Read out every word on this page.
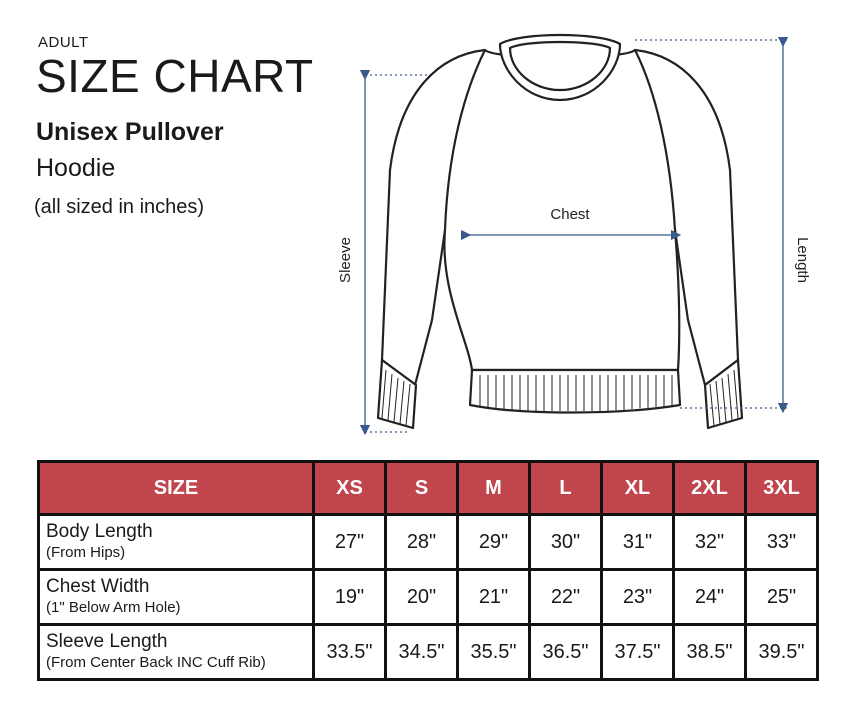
ADULT
SIZE CHART
Unisex Pullover
Hoodie
(all sized in inches)	Chest
Sleeve	Length
SIZE	XS	S	M	L	XL	2XL	3XL

Body Length
(From Hips)	27"	28"	29"	30"	31"	32"	33"

Chest Width
(1" Below Arm Hole)	19"	20"	21"	22"	23"	24"	25"

Sleeve Length
(From Center Back INC Cuff Rib)	33.5"	34.5"	35.5"	36.5"	37.5"	38.5"	39.5"
